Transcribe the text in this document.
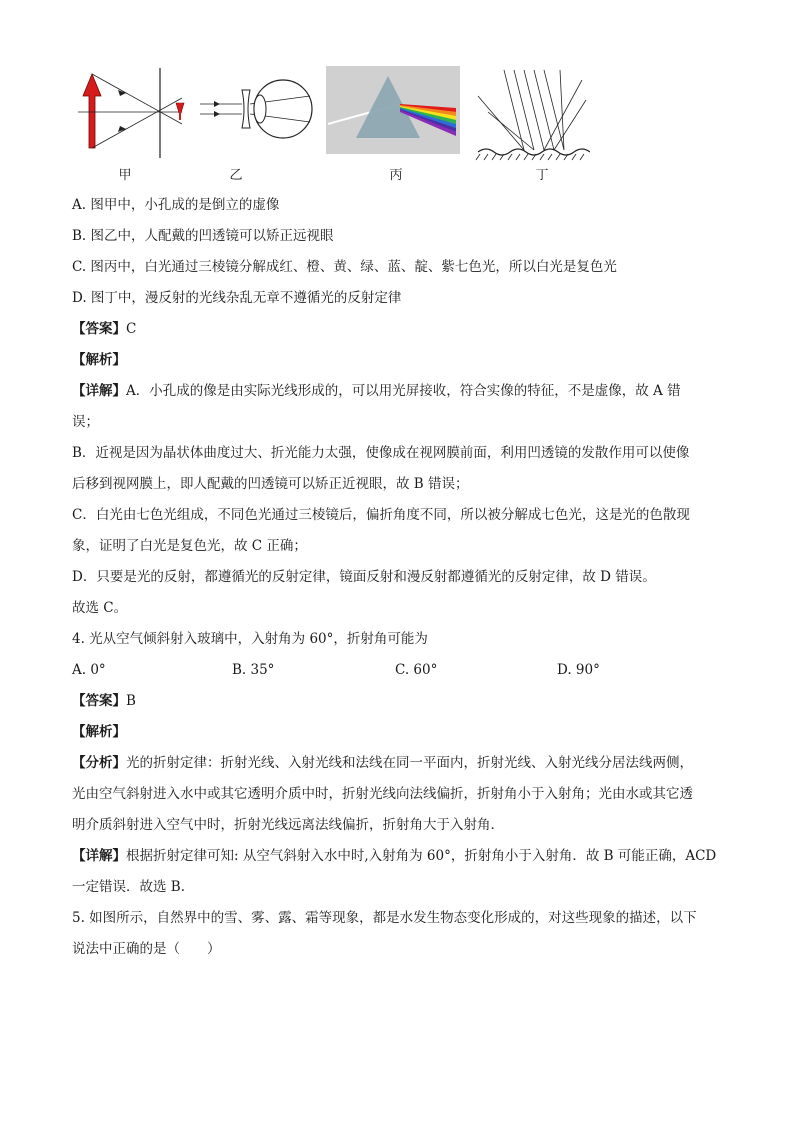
甲	乙	丙	丁
A. 图甲中，小孔成的是倒立的虚像
B. 图乙中，人配戴的凹透镜可以矫正远视眼
C. 图丙中，白光通过三棱镜分解成红、橙、黄、绿、蓝、靛、紫七色光，所以白光是复色光
D. 图丁中，漫反射的光线杂乱无章不遵循光的反射定律
【答案】C
【解析】
【详解】A．小孔成的像是由实际光线形成的，可以用光屏接收，符合实像的特征，不是虚像，故 A 错
误；
B．近视是因为晶状体曲度过大、折光能力太强，使像成在视网膜前面，利用凹透镜的发散作用可以使像
后移到视网膜上，即人配戴的凹透镜可以矫正近视眼，故 B 错误；
C．白光由七色光组成，不同色光通过三棱镜后，偏折角度不同，所以被分解成七色光，这是光的色散现
象，证明了白光是复色光，故 C 正确；
D．只要是光的反射，都遵循光的反射定律，镜面反射和漫反射都遵循光的反射定律，故 D 错误。
故选 C。
4. 光从空气倾斜射入玻璃中，入射角为 60°，折射角可能为
A. 0°	B. 35°	C. 60°	D. 90°
【答案】B
【解析】
【分析】光的折射定律：折射光线、入射光线和法线在同一平面内，折射光线、入射光线分居法线两侧，
光由空气斜射进入水中或其它透明介质中时，折射光线向法线偏折，折射角小于入射角；光由水或其它透
明介质斜射进入空气中时，折射光线远离法线偏折，折射角大于入射角．
【详解】根据折射定律可知: 从空气斜射入水中时,入射角为 60°，折射角小于入射角．故 B 可能正确，ACD
一定错误．故选 B.
5. 如图所示，自然界中的雪、雾、露、霜等现象，都是水发生物态变化形成的，对这些现象的描述，以下
说法中正确的是（　　）
